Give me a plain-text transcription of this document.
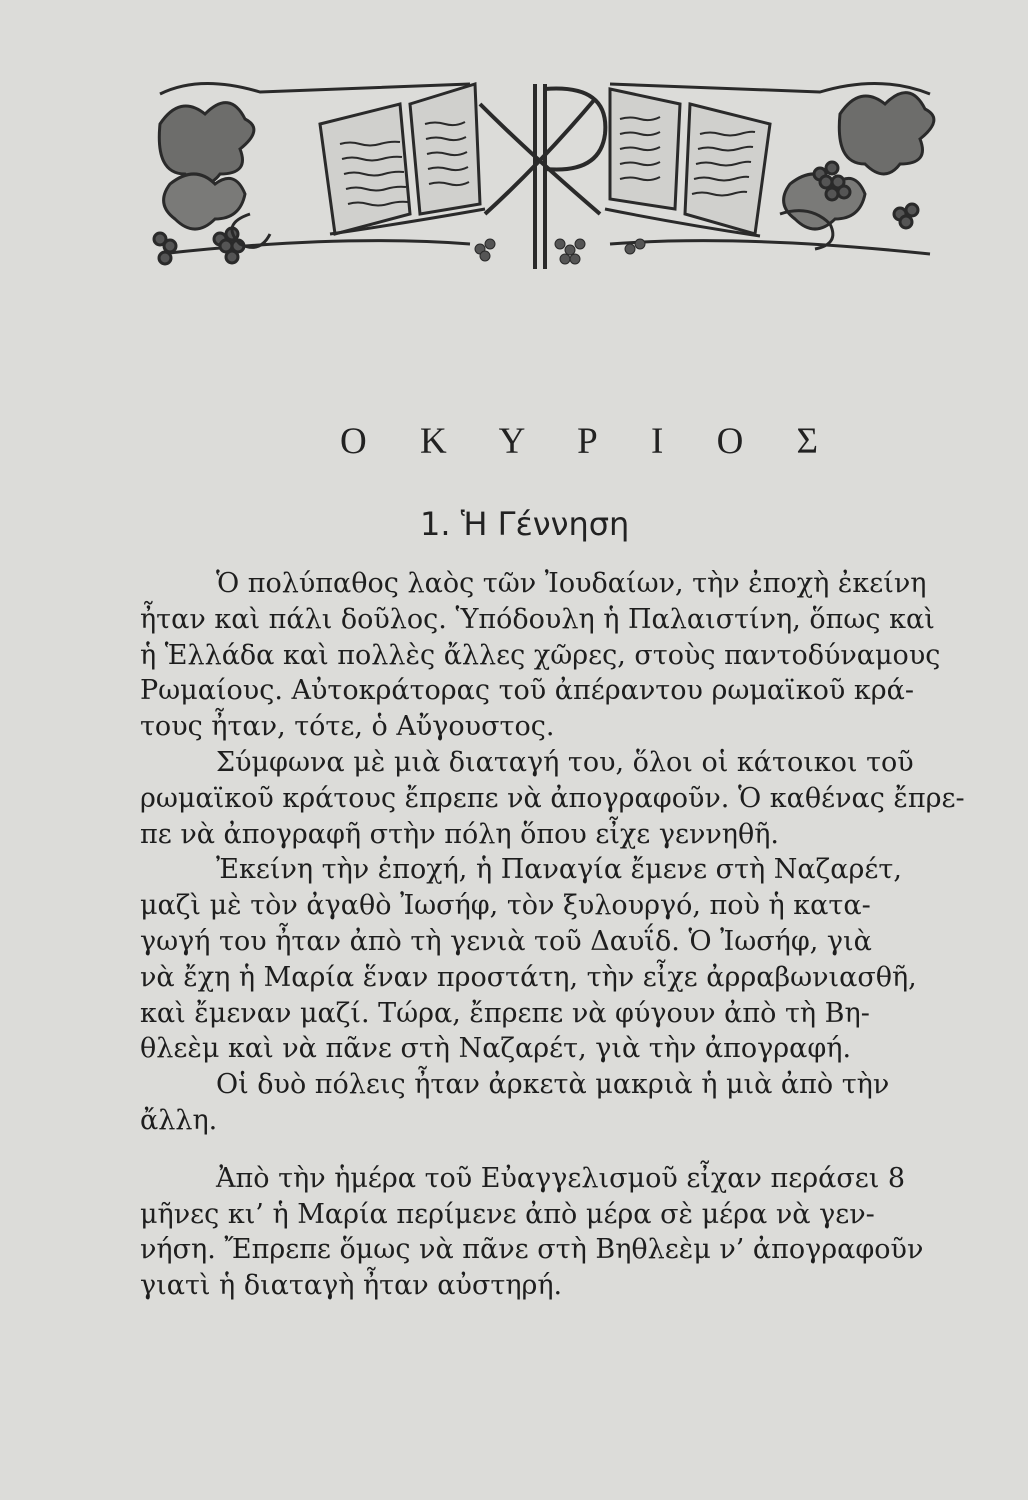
Ο Κ Υ Ρ Ι Ο Σ
1. Ἡ Γέννηση
Ὁ πολύπαθος λαὸς τῶν Ἰουδαίων, τὴν ἐποχὴ ἐκείνη
ἦταν καὶ πάλι δοῦλος. Ὑπόδουλη ἡ Παλαιστίνη, ὅπως καὶ
ἡ Ἑλλάδα καὶ πολλὲς ἄλλες χῶρες, στοὺς παντοδύναμους
Ρωμαίους. Αὐτοκράτορας τοῦ ἀπέραντου ρωμαϊκοῦ κρά-
τους ἦταν, τότε, ὁ Αὔγουστος.
Σύμφωνα μὲ μιὰ διαταγή του, ὅλοι οἱ κάτοικοι τοῦ
ρωμαϊκοῦ κράτους ἔπρεπε νὰ ἀπογραφοῦν. Ὁ καθένας ἔπρε-
πε νὰ ἀπογραφῆ στὴν πόλη ὅπου εἶχε γεννηθῆ.
Ἐκείνη τὴν ἐποχή, ἡ Παναγία ἔμενε στὴ Ναζαρέτ,
μαζὶ μὲ τὸν ἀγαθὸ Ἰωσήφ, τὸν ξυλουργό, ποὺ ἡ κατα-
γωγή του ἦταν ἀπὸ τὴ γενιὰ τοῦ Δαυΐδ. Ὁ Ἰωσήφ, γιὰ
νὰ ἔχη ἡ Μαρία ἕναν προστάτη, τὴν εἶχε ἀρραβωνιασθῆ,
καὶ ἔμεναν μαζί. Τώρα, ἔπρεπε νὰ φύγουν ἀπὸ τὴ Βη-
θλεὲμ καὶ νὰ πᾶνε στὴ Ναζαρέτ, γιὰ τὴν ἀπογραφή.
Οἱ δυὸ πόλεις ἦταν ἀρκετὰ μακριὰ ἡ μιὰ ἀπὸ τὴν
ἄλλη.
Ἀπὸ τὴν ἡμέρα τοῦ Εὐαγγελισμοῦ εἶχαν περάσει 8
μῆνες κι’ ἡ Μαρία περίμενε ἀπὸ μέρα σὲ μέρα νὰ γεν-
νήση. Ἔπρεπε ὅμως νὰ πᾶνε στὴ Βηθλεὲμ ν’ ἀπογραφοῦν
γιατὶ ἡ διαταγὴ ἦταν αὐστηρή.
